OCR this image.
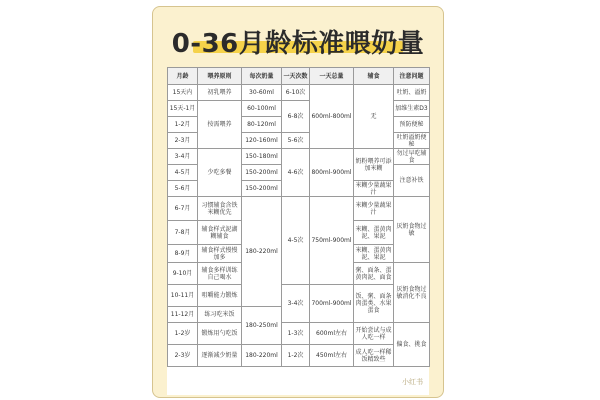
0-36月龄标准喂奶量
月龄	喂养原则	每次奶量	一天次数	一天总量	辅食	注意问题
15天内	初乳喂养	30-60ml	6-10次	600ml-800ml	无	吐奶、溢奶
15天-1月	按需喂养	60-100ml	6-8次			加维生素D3
1-2月		80-120ml				预防便秘
2-3月		120-160ml	5-6次			吐奶溢奶便秘
3-4月	少吃多餐	150-180ml	4-6次	800ml-900ml	奶粉喂养可添加米糊	勿过早吃辅食
4-5月		150-200ml				注意补铁
5-6月		150-200ml			米糊少量蔬果汁	
6-7月	习惯辅食含铁米糊优先	180-220ml	4-5次	750ml-900ml	米糊少量蔬果汁	厌奶食物过敏
7-8月	辅食样式泥湖糊辅食				米糊、蛋黄肉泥、果泥	
8-9月	辅食样式慢慢加多				米糊、蛋黄肉泥、果泥	
9-10月	辅食多样训练自己喝水				粥、面条、蛋黄肉泥、面食	厌奶食物过敏消化不良
10-11月	咀嚼能力锻炼		3-4次	700ml-900ml	饭、粥、面条肉蛋类、水果蛋食	
11-12月	练习吃米饭	180-250ml				
1-2岁	锻炼用勺吃饭		1-3次	600ml左右	开始尝试与成人吃一样	偏食、挑食
2-3岁	逐渐减少奶量	180-220ml	1-2次	450ml左右	成人吃一样稀饭精致些	
小红书
